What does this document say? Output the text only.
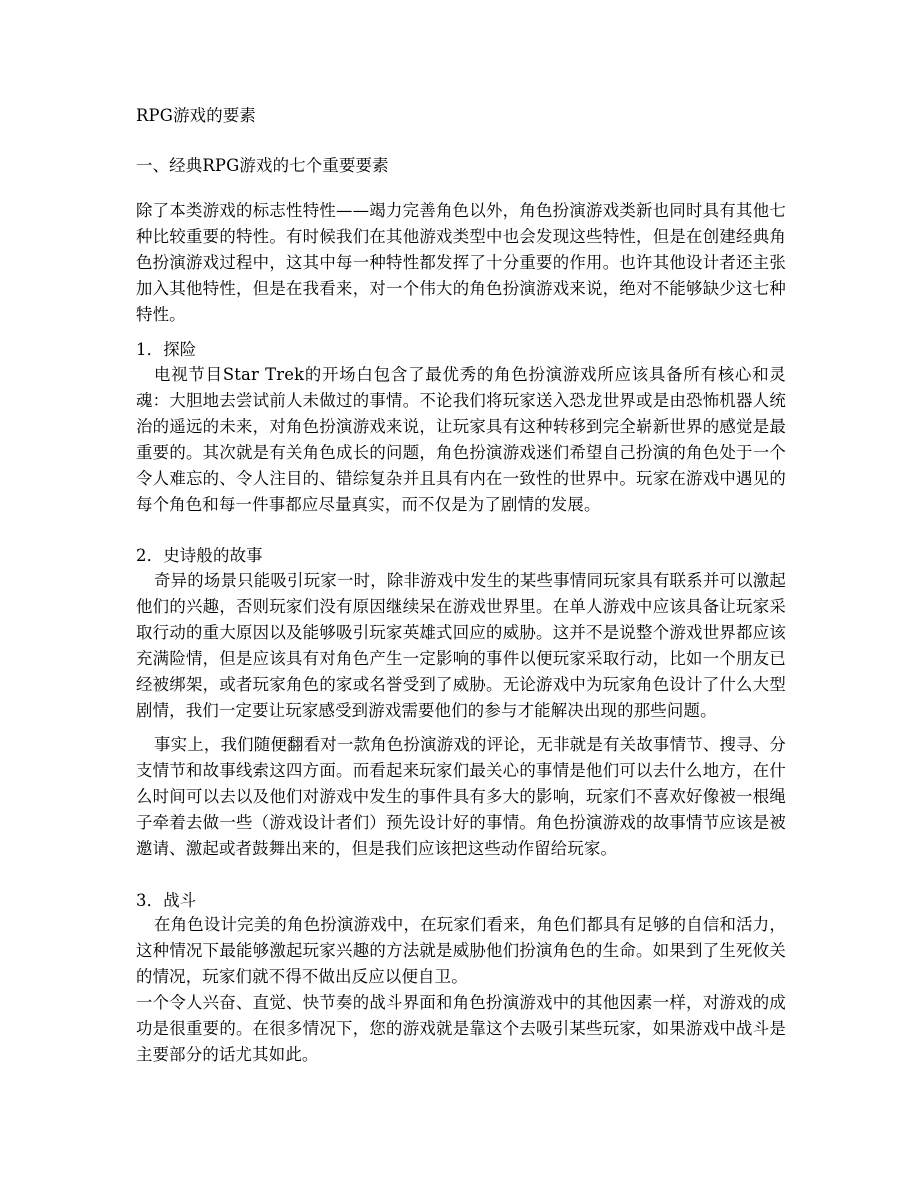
RPG游戏的要素

一、经典RPG游戏的七个重要要素

除了本类游戏的标志性特性——竭力完善角色以外，角色扮演游戏类新也同时具有其他七种比较重要的特性。有时候我们在其他游戏类型中也会发现这些特性，但是在创建经典角色扮演游戏过程中，这其中每一种特性都发挥了十分重要的作用。也许其他设计者还主张加入其他特性，但是在我看来，对一个伟大的角色扮演游戏来说，绝对不能够缺少这七种特性。

1．探险

电视节目Star Trek的开场白包含了最优秀的角色扮演游戏所应该具备所有核心和灵魂：大胆地去尝试前人未做过的事情。不论我们将玩家送入恐龙世界或是由恐怖机器人统治的遥远的未来，对角色扮演游戏来说，让玩家具有这种转移到完全崭新世界的感觉是最重要的。其次就是有关角色成长的问题，角色扮演游戏迷们希望自己扮演的角色处于一个令人难忘的、令人注目的、错综复杂并且具有内在一致性的世界中。玩家在游戏中遇见的每个角色和每一件事都应尽量真实，而不仅是为了剧情的发展。

2．史诗般的故事

奇异的场景只能吸引玩家一时，除非游戏中发生的某些事情同玩家具有联系并可以激起他们的兴趣，否则玩家们没有原因继续呆在游戏世界里。在单人游戏中应该具备让玩家采取行动的重大原因以及能够吸引玩家英雄式回应的威胁。这并不是说整个游戏世界都应该充满险情，但是应该具有对角色产生一定影响的事件以便玩家采取行动，比如一个朋友已经被绑架，或者玩家角色的家或名誉受到了威胁。无论游戏中为玩家角色设计了什么大型剧情，我们一定要让玩家感受到游戏需要他们的参与才能解决出现的那些问题。

事实上，我们随便翻看对一款角色扮演游戏的评论，无非就是有关故事情节、搜寻、分支情节和故事线索这四方面。而看起来玩家们最关心的事情是他们可以去什么地方，在什么时间可以去以及他们对游戏中发生的事件具有多大的影响，玩家们不喜欢好像被一根绳子牵着去做一些（游戏设计者们）预先设计好的事情。角色扮演游戏的故事情节应该是被邀请、激起或者鼓舞出来的，但是我们应该把这些动作留给玩家。

3．战斗

在角色设计完美的角色扮演游戏中，在玩家们看来，角色们都具有足够的自信和活力，这种情况下最能够激起玩家兴趣的方法就是威胁他们扮演角色的生命。如果到了生死攸关的情况，玩家们就不得不做出反应以便自卫。

一个令人兴奋、直觉、快节奏的战斗界面和角色扮演游戏中的其他因素一样，对游戏的成功是很重要的。在很多情况下，您的游戏就是靠这个去吸引某些玩家，如果游戏中战斗是主要部分的话尤其如此。
